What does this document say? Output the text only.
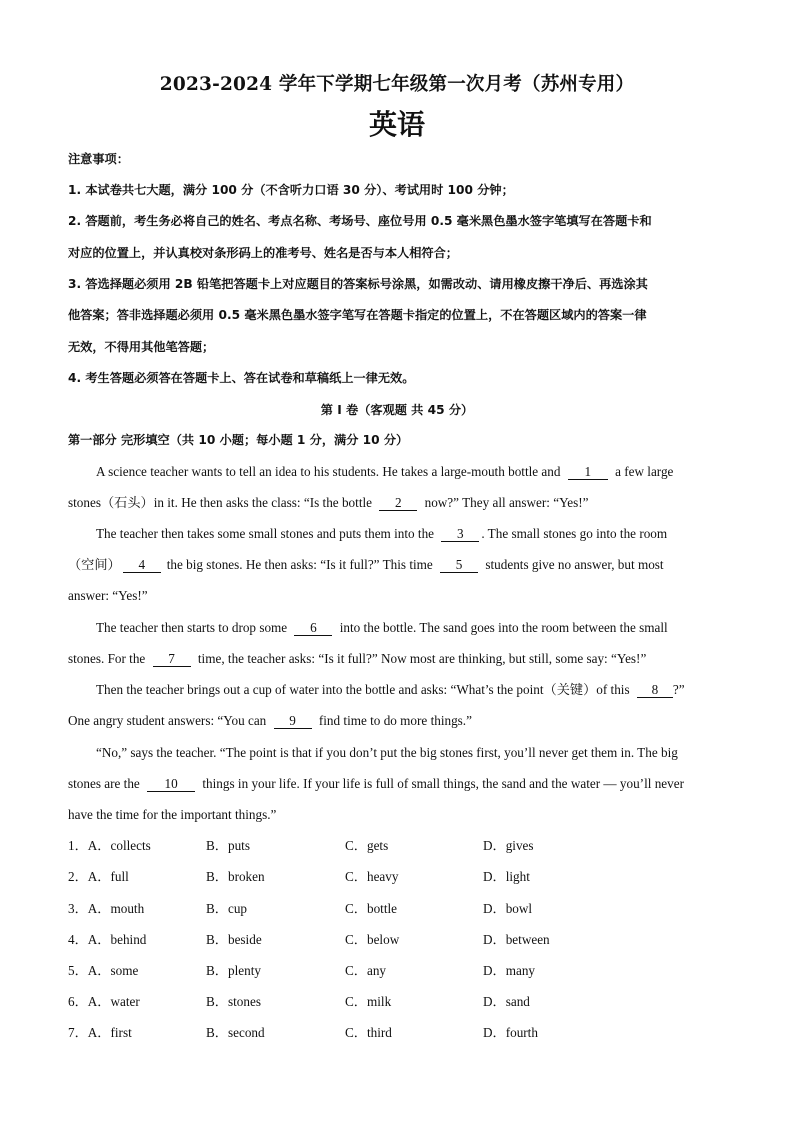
2023-2024 学年下学期七年级第一次月考（苏州专用）
英语
注意事项：
1. 本试卷共七大题，满分 100 分（不含听力口语 30 分）、考试用时 100 分钟；
2. 答题前，考生务必将自己的姓名、考点名称、考场号、座位号用 0.5 毫米黑色墨水签字笔填写在答题卡和
对应的位置上，并认真校对条形码上的准考号、姓名是否与本人相符合；
3. 答选择题必须用 2B 铅笔把答题卡上对应题目的答案标号涂黑，如需改动、请用橡皮擦干净后、再选涂其
他答案；答非选择题必须用 0.5 毫米黑色墨水签字笔写在答题卡指定的位置上，不在答题区域内的答案一律
无效，不得用其他笔答题；
4. 考生答题必须答在答题卡上、答在试卷和草稿纸上一律无效。
第 I 卷（客观题 共 45 分）
第一部分 完形填空（共 10 小题；每小题 1 分，满分 10 分）
A science teacher wants to tell an idea to his students. He takes a large-mouth bottle and 1 a few large
stones（石头）in it. He then asks the class: “Is the bottle 2 now?” They all answer: “Yes!”
The teacher then takes some small stones and puts them into the 3 . The small stones go into the room
（空间） 4 the big stones. He then asks: “Is it full?” This time 5 students give no answer, but most
answer: “Yes!”
The teacher then starts to drop some 6 into the bottle. The sand goes into the room between the small
stones. For the 7 time, the teacher asks: “Is it full?” Now most are thinking, but still, some say: “Yes!”
Then the teacher brings out a cup of water into the bottle and asks: “What’s the point（关键）of this 8 ?”
One angry student answers: “You can 9 find time to do more things.”
“No,” says the teacher. “The point is that if you don’t put the big stones first, you’ll never get them in. The big
stones are the 10 things in your life. If your life is full of small things, the sand and the water — you’ll never
have the time for the important things.”
1．A．collects	B．puts	C．gets	D．gives
2．A．full	B．broken	C．heavy	D．light
3．A．mouth	B．cup	C．bottle	D．bowl
4．A．behind	B．beside	C．below	D．between
5．A．some	B．plenty	C．any	D．many
6．A．water	B．stones	C．milk	D．sand
7．A．first	B．second	C．third	D．fourth
